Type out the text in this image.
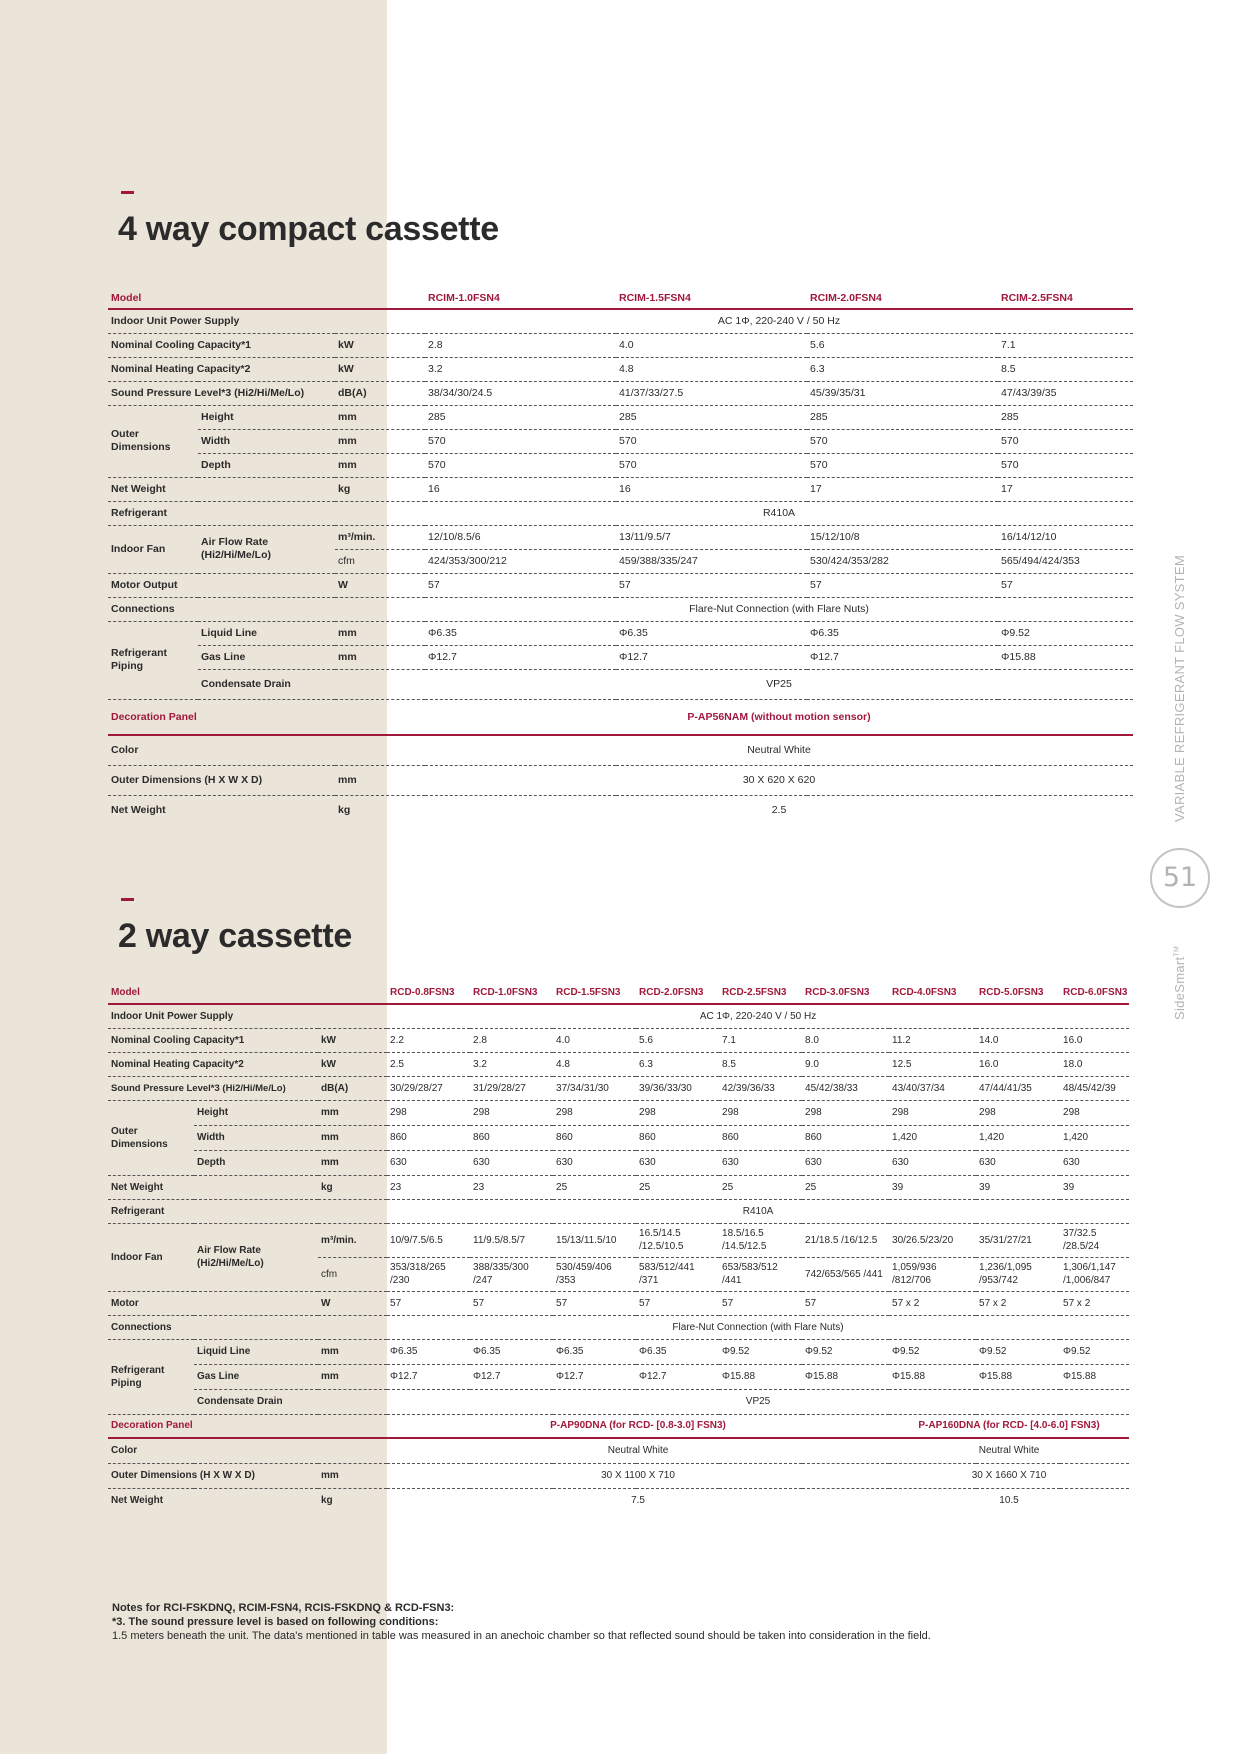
4 way compact cassette
Model			RCIM-1.0FSN4	RCIM-1.5FSN4	RCIM-2.0FSN4	RCIM-2.5FSN4
Indoor Unit Power Supply			AC 1Φ, 220-240 V / 50 Hz			
Nominal Cooling Capacity*1		kW	2.8	4.0	5.6	7.1
Nominal Heating Capacity*2		kW	3.2	4.8	6.3	8.5
Sound Pressure Level*3 (Hi2/Hi/Me/Lo)		dB(A)	38/34/30/24.5	41/37/33/27.5	45/39/35/31	47/43/39/35
Outer Dimensions	Height	mm	285	285	285	285
	Width	mm	570	570	570	570
	Depth	mm	570	570	570	570
Net Weight		kg	16	16	17	17
Refrigerant			R410A			
Indoor Fan	Air Flow Rate (Hi2/Hi/Me/Lo)	m³/min.	12/10/8.5/6	13/11/9.5/7	15/12/10/8	16/14/12/10
		cfm	424/353/300/212	459/388/335/247	530/424/353/282	565/494/424/353
Motor Output		W	57	57	57	57
Connections			Flare-Nut Connection (with Flare Nuts)			
Refrigerant Piping	Liquid Line	mm	Φ6.35	Φ6.35	Φ6.35	Φ9.52
	Gas Line	mm	Φ12.7	Φ12.7	Φ12.7	Φ15.88
	Condensate Drain		VP25			
Decoration Panel			P-AP56NAM (without motion sensor)			
Color			Neutral White			
Outer Dimensions (H X W X D)		mm	30 X 620 X 620			
Net Weight		kg	2.5			
2 way cassette
Model			RCD-0.8FSN3	RCD-1.0FSN3	RCD-1.5FSN3	RCD-2.0FSN3	RCD-2.5FSN3	RCD-3.0FSN3	RCD-4.0FSN3	RCD-5.0FSN3	RCD-6.0FSN3
Indoor Unit Power Supply			AC 1Φ, 220-240 V / 50 Hz								
Nominal Cooling Capacity*1		kW	2.2	2.8	4.0	5.6	7.1	8.0	11.2	14.0	16.0
Nominal Heating Capacity*2		kW	2.5	3.2	4.8	6.3	8.5	9.0	12.5	16.0	18.0
Sound Pressure Level*3 (Hi2/Hi/Me/Lo)		dB(A)	30/29/28/27	31/29/28/27	37/34/31/30	39/36/33/30	42/39/36/33	45/42/38/33	43/40/37/34	47/44/41/35	48/45/42/39
Outer Dimensions	Height	mm	298	298	298	298	298	298	298	298	298
	Width	mm	860	860	860	860	860	860	1,420	1,420	1,420
	Depth	mm	630	630	630	630	630	630	630	630	630
Net Weight		kg	23	23	25	25	25	25	39	39	39
Refrigerant			R410A								
Indoor Fan	Air Flow Rate (Hi2/Hi/Me/Lo)	m³/min.	10/9/7.5/6.5	11/9.5/8.5/7	15/13/11.5/10	16.5/14.5 /12.5/10.5	18.5/16.5 /14.5/12.5	21/18.5 /16/12.5	30/26.5/23/20	35/31/27/21	37/32.5 /28.5/24
		cfm	353/318/265 /230	388/335/300 /247	530/459/406 /353	583/512/441 /371	653/583/512 /441	742/653/565 /441	1,059/936 /812/706	1,236/1,095 /953/742	1,306/1,147 /1,006/847
Motor		W	57	57	57	57	57	57	57 x 2	57 x 2	57 x 2
Connections			Flare-Nut Connection (with Flare Nuts)								
Refrigerant Piping	Liquid Line	mm	Φ6.35	Φ6.35	Φ6.35	Φ6.35	Φ9.52	Φ9.52	Φ9.52	Φ9.52	Φ9.52
	Gas Line	mm	Φ12.7	Φ12.7	Φ12.7	Φ12.7	Φ15.88	Φ15.88	Φ15.88	Φ15.88	Φ15.88
	Condensate Drain		VP25								
Decoration Panel			P-AP90DNA (for RCD- [0.8-3.0] FSN3)						P-AP160DNA (for RCD- [4.0-6.0] FSN3)		
Color			Neutral White						Neutral White		
Outer Dimensions (H X W X D)		mm	30 X 1100 X 710						30 X 1660 X 710		
Net Weight		kg	7.5						10.5		
VARIABLE REFRIGERANT FLOW SYSTEM
51
SideSmart™
Notes for RCI-FSKDNQ, RCIM-FSN4, RCIS-FSKDNQ & RCD-FSN3:
*3. The sound pressure level is based on following conditions:
1.5 meters beneath the unit. The data's mentioned in table was measured in an anechoic chamber so that reflected sound should be taken into consideration in the field.
